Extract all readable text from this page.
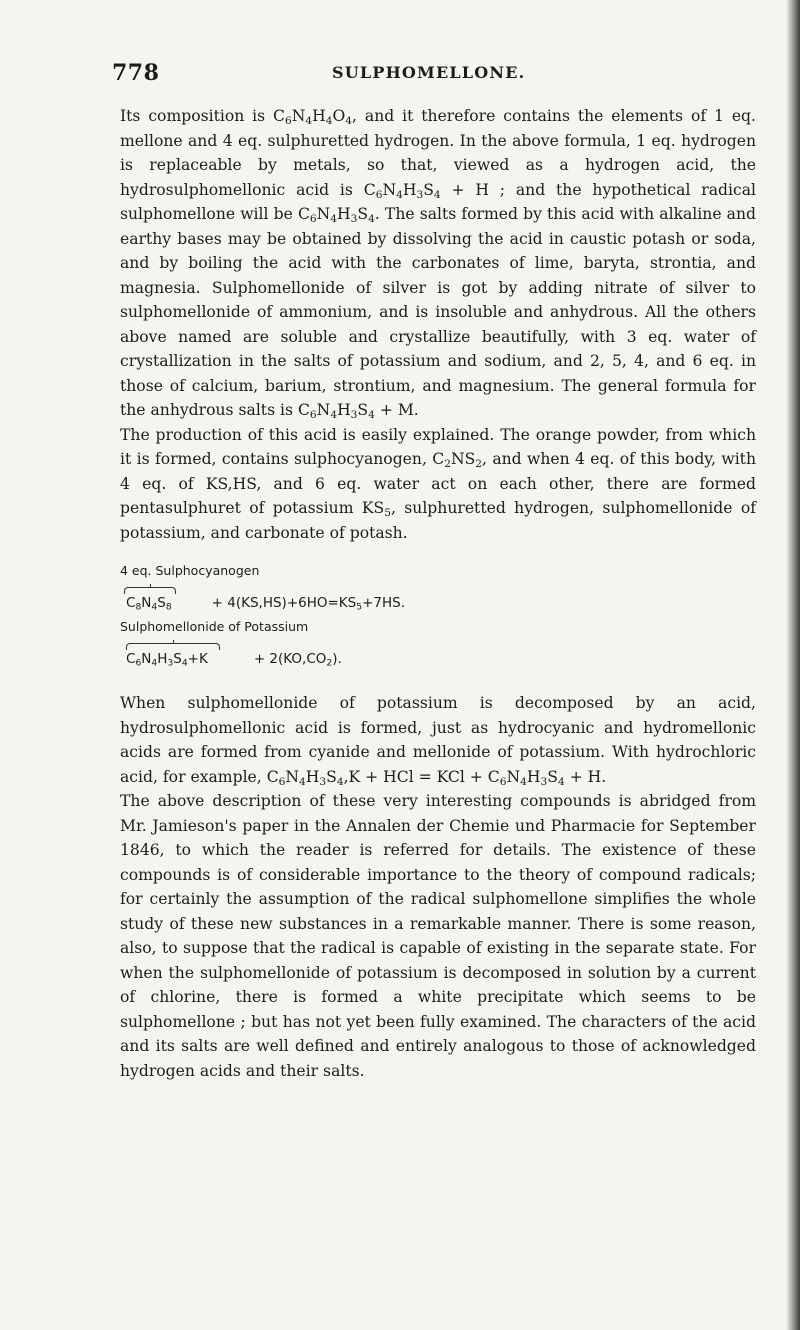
778	SULPHOMELLONE.

Its composition is $C_6N_4H_4O_4$, and it therefore contains the elements of 1 eq. mellone and 4 eq. sulphuretted hydrogen. In the above formula, 1 eq. hydrogen is replaceable by metals, so that, viewed as a hydrogen acid, the hydrosulphomellonic acid is $C_6N_4H_3S_4 + H$ ; and the hypothetical radical sulphomellone will be $C_6N_4H_3S_4$. The salts formed by this acid with alkaline and earthy bases may be obtained by dissolving the acid in caustic potash or soda, and by boiling the acid with the carbonates of lime, baryta, strontia, and magnesia. Sulphomellonide of silver is got by adding nitrate of silver to sulphomellonide of ammonium, and is insoluble and anhydrous. All the others above named are soluble and crystallize beautifully, with 3 eq. water of crystallization in the salts of potassium and sodium, and 2, 5, 4, and 6 eq. in those of calcium, barium, strontium, and magnesium. The general formula for the anhydrous salts is $C_6N_4H_3S_4 + M$.

The production of this acid is easily explained. The orange powder, from which it is formed, contains sulphocyanogen, $C_2NS_2$, and when 4 eq. of this body, with 4 eq. of KS,HS, and 6 eq. water act on each other, there are formed pentasulphuret of potassium $KS_5$, sulphuretted hydrogen, sulphomellonide of potassium, and carbonate of potash.

4 eq. Sulphocyanogen
$C_8N_4S_8$	+ $4(KS,HS)+6HO=KS_5+7HS$.
Sulphomellonide of Potassium
$C_6N_4H_3S_4+K$	+ $2(KO,CO_2)$.

When sulphomellonide of potassium is decomposed by an acid, hydrosulphomellonic acid is formed, just as hydrocyanic and hydromellonic acids are formed from cyanide and mellonide of potassium. With hydrochloric acid, for example, $C_6N_4H_3S_4,K$ + HCl = KCl + $C_6N_4H_3S_4 + H$.

The above description of these very interesting compounds is abridged from Mr. Jamieson's paper in the Annalen der Chemie und Pharmacie for September 1846, to which the reader is referred for details. The existence of these compounds is of considerable importance to the theory of compound radicals; for certainly the assumption of the radical sulphomellone simplifies the whole study of these new substances in a remarkable manner. There is some reason, also, to suppose that the radical is capable of existing in the separate state. For when the sulphomellonide of potassium is decomposed in solution by a current of chlorine, there is formed a white precipitate which seems to be sulphomellone ; but has not yet been fully examined. The characters of the acid and its salts are well defined and entirely analogous to those of acknowledged hydrogen acids and their salts.
